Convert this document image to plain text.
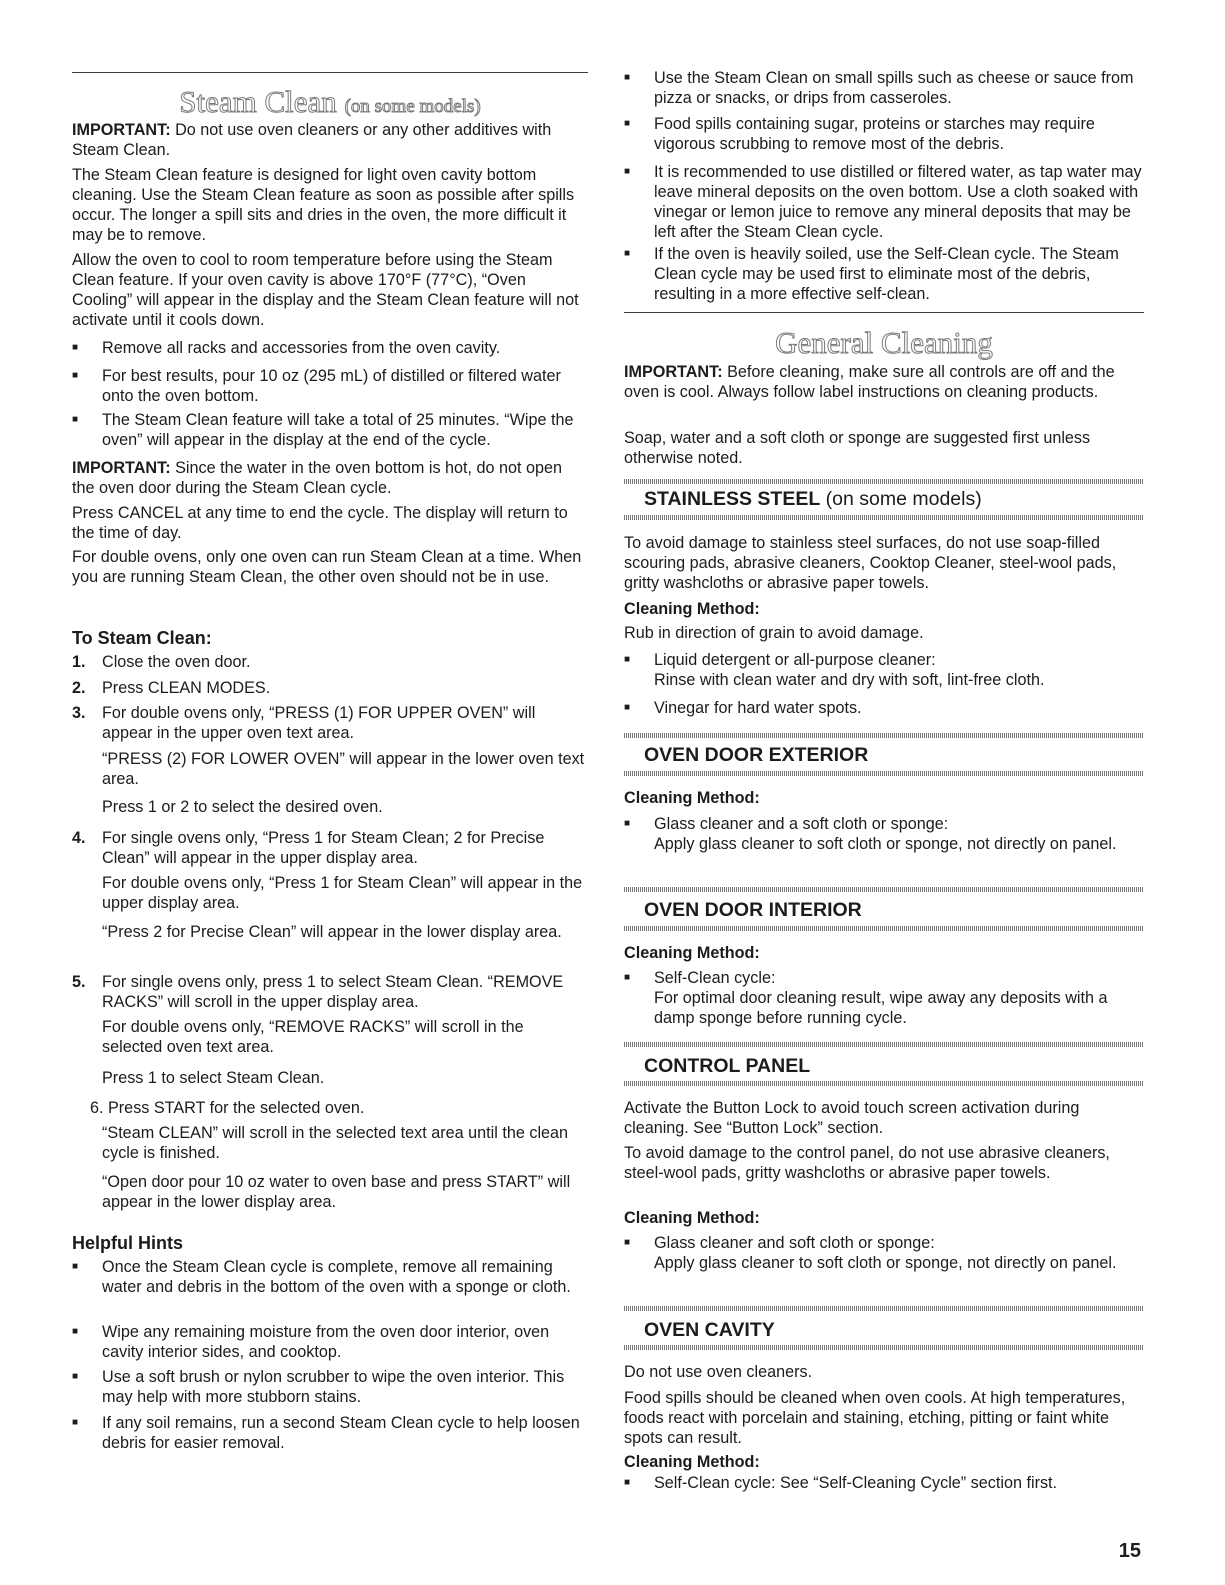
Steam Clean (on some models)

IMPORTANT: Do not use oven cleaners or any other additives with Steam Clean.

The Steam Clean feature is designed for light oven cavity bottom cleaning. Use the Steam Clean feature as soon as possible after spills occur. The longer a spill sits and dries in the oven, the more difficult it may be to remove.

Allow the oven to cool to room temperature before using the Steam Clean feature. If your oven cavity is above 170°F (77°C), “Oven Cooling” will appear in the display and the Steam Clean feature will not activate until it cools down.

■ Remove all racks and accessories from the oven cavity.

■ For best results, pour 10 oz (295 mL) of distilled or filtered water onto the oven bottom.

■ The Steam Clean feature will take a total of 25 minutes. “Wipe the oven” will appear in the display at the end of the cycle.

IMPORTANT: Since the water in the oven bottom is hot, do not open the oven door during the Steam Clean cycle.

Press CANCEL at any time to end the cycle. The display will return to the time of day.

For double ovens, only one oven can run Steam Clean at a time. When you are running Steam Clean, the other oven should not be in use.

To Steam Clean:
1. Close the oven door.

2. Press CLEAN MODES.

3. For double ovens only, “PRESS (1) FOR UPPER OVEN” will appear in the upper oven text area.

“PRESS (2) FOR LOWER OVEN” will appear in the lower oven text area.

Press 1 or 2 to select the desired oven.

4. For single ovens only, “Press 1 for Steam Clean; 2 for Precise Clean” will appear in the upper display area.

For double ovens only, “Press 1 for Steam Clean” will appear in the upper display area.

“Press 2 for Precise Clean” will appear in the lower display area.

5. For single ovens only, press 1 to select Steam Clean. “REMOVE RACKS” will scroll in the upper display area.

For double ovens only, “REMOVE RACKS” will scroll in the selected oven text area.

Press 1 to select Steam Clean.

6. Press START for the selected oven.

“Steam CLEAN” will scroll in the selected text area until the clean cycle is finished.

“Open door pour 10 oz water to oven base and press START” will appear in the lower display area.

Helpful Hints
■ Once the Steam Clean cycle is complete, remove all remaining water and debris in the bottom of the oven with a sponge or cloth.

■ Wipe any remaining moisture from the oven door interior, oven cavity interior sides, and cooktop.

■ Use a soft brush or nylon scrubber to wipe the oven interior. This may help with more stubborn stains.

■ If any soil remains, run a second Steam Clean cycle to help loosen debris for easier removal.

■ Use the Steam Clean on small spills such as cheese or sauce from pizza or snacks, or drips from casseroles.

■ Food spills containing sugar, proteins or starches may require vigorous scrubbing to remove most of the debris.

■ It is recommended to use distilled or filtered water, as tap water may leave mineral deposits on the oven bottom. Use a cloth soaked with vinegar or lemon juice to remove any mineral deposits that may be left after the Steam Clean cycle.

■ If the oven is heavily soiled, use the Self-Clean cycle. The Steam Clean cycle may be used first to eliminate most of the debris, resulting in a more effective self-clean.

General Cleaning

IMPORTANT: Before cleaning, make sure all controls are off and the oven is cool. Always follow label instructions on cleaning products.

Soap, water and a soft cloth or sponge are suggested first unless otherwise noted.

STAINLESS STEEL (on some models)

To avoid damage to stainless steel surfaces, do not use soap-filled scouring pads, abrasive cleaners, Cooktop Cleaner, steel-wool pads, gritty washcloths or abrasive paper towels.

Cleaning Method:

Rub in direction of grain to avoid damage.

■ Liquid detergent or all-purpose cleaner:

Rinse with clean water and dry with soft, lint-free cloth.

■ Vinegar for hard water spots.

OVEN DOOR EXTERIOR

Cleaning Method:

■ Glass cleaner and a soft cloth or sponge:

Apply glass cleaner to soft cloth or sponge, not directly on panel.

OVEN DOOR INTERIOR

Cleaning Method:

■ Self-Clean cycle:

For optimal door cleaning result, wipe away any deposits with a damp sponge before running cycle.

CONTROL PANEL

Activate the Button Lock to avoid touch screen activation during cleaning. See “Button Lock” section.

To avoid damage to the control panel, do not use abrasive cleaners, steel-wool pads, gritty washcloths or abrasive paper towels.

Cleaning Method:

■ Glass cleaner and soft cloth or sponge:

Apply glass cleaner to soft cloth or sponge, not directly on panel.

OVEN CAVITY

Do not use oven cleaners.

Food spills should be cleaned when oven cools. At high temperatures, foods react with porcelain and staining, etching, pitting or faint white spots can result.

Cleaning Method:

■ Self-Clean cycle: See “Self-Cleaning Cycle” section first.

15
